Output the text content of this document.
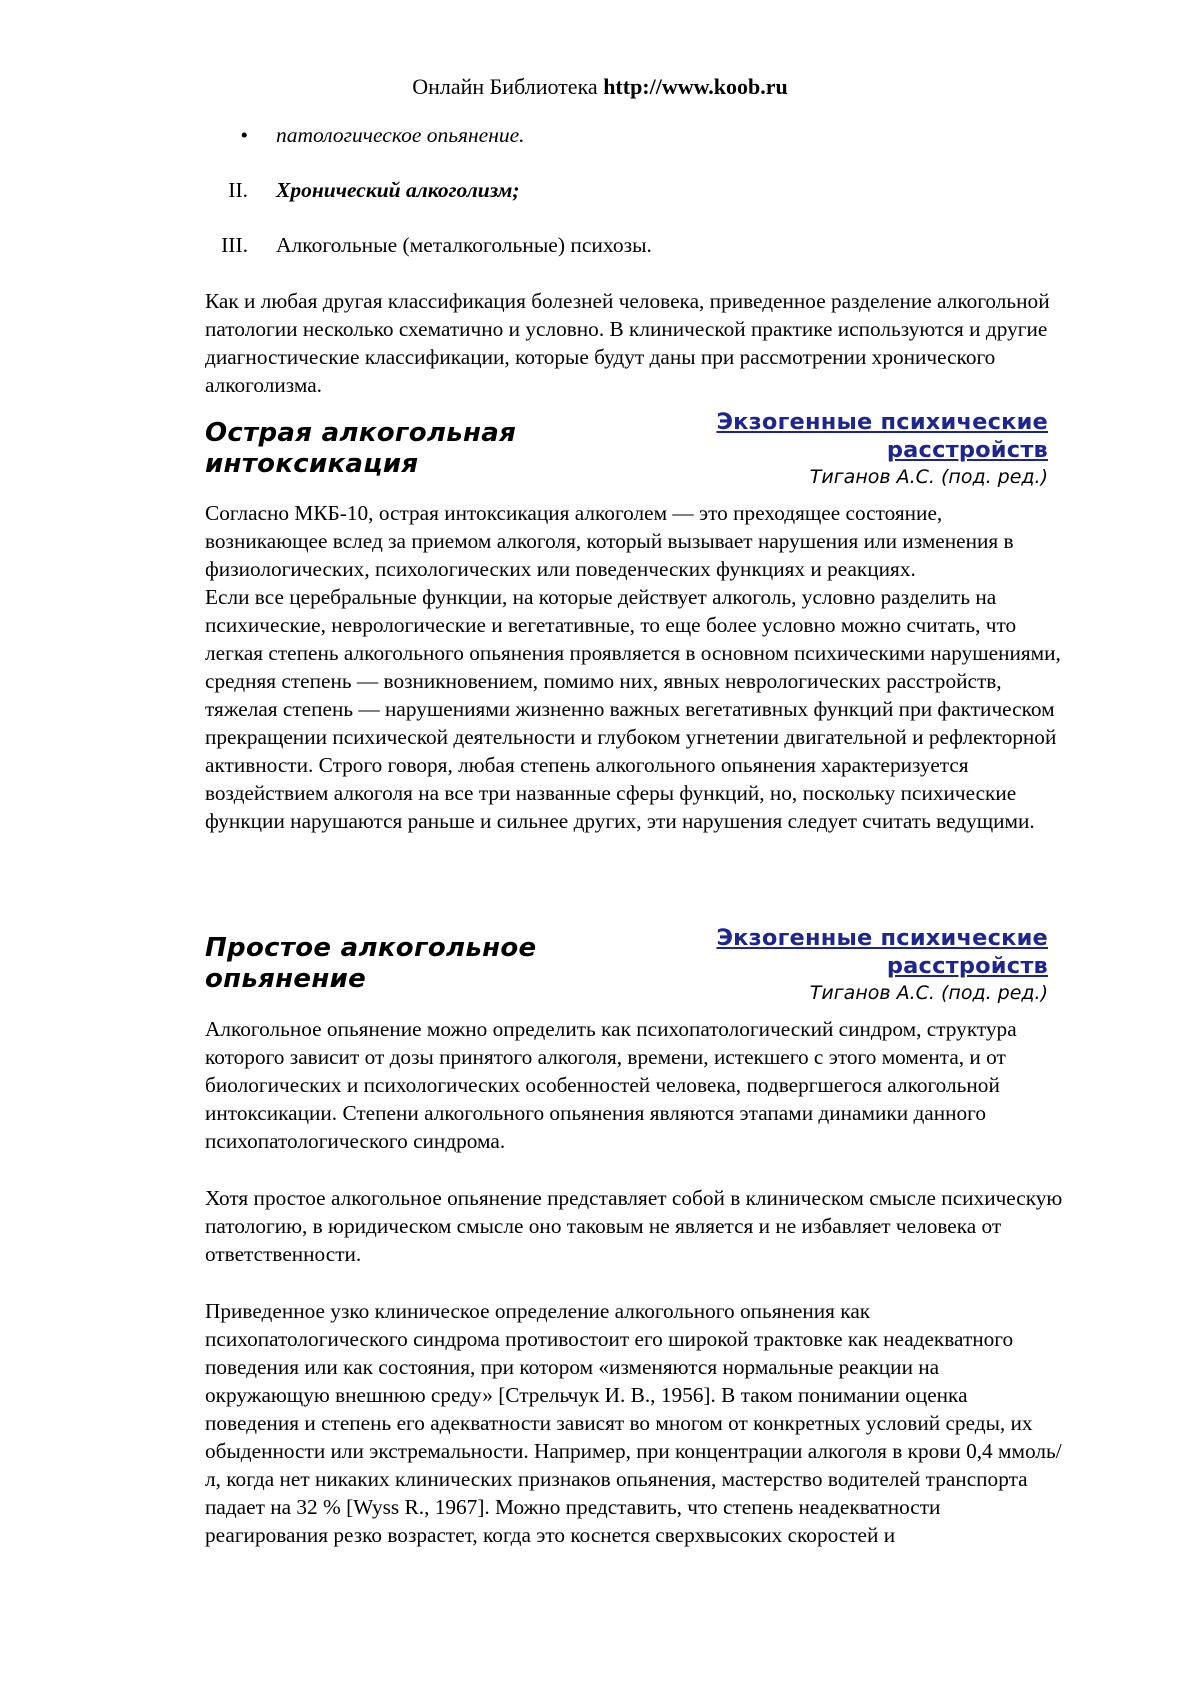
Онлайн Библиотека http://www.koob.ru
• патологическое опьянение.
II. Хронический алкоголизм;
III. Алкогольные (металкогольные) психозы.

Как и любая другая классификация болезней человека, приведенное разделение алкогольной патологии несколько схематично и условно. В клинической практике используются и другие диагностические классификации, которые будут даны при рассмотрении хронического алкоголизма.

Острая алкогольная интоксикация
Экзогенные психические расстройств
Тиганов А.С. (под. ред.)

Согласно МКБ-10, острая интоксикация алкоголем — это преходящее состояние, возникающее вслед за приемом алкоголя, который вызывает нарушения или изменения в физиологических, психологических или поведенческих функциях и реакциях.

Если все церебральные функции, на которые действует алкоголь, условно разделить на психические, неврологические и вегетативные, то еще более условно можно считать, что легкая степень алкогольного опьянения проявляется в основном психическими нарушениями, средняя степень — возникновением, помимо них, явных неврологических расстройств, тяжелая степень — нарушениями жизненно важных вегетативных функций при фактическом прекращении психической деятельности и глубоком угнетении двигательной и рефлекторной активности. Строго говоря, любая степень алкогольного опьянения характеризуется воздействием алкоголя на все три названные сферы функций, но, поскольку психические функции нарушаются раньше и сильнее других, эти нарушения следует считать ведущими.

Простое алкогольное опьянение
Экзогенные психические расстройств
Тиганов А.С. (под. ред.)

Алкогольное опьянение можно определить как психопатологический синдром, структура которого зависит от дозы принятого алкоголя, времени, истекшего с этого момента, и от биологических и психологических особенностей человека, подвергшегося алкогольной интоксикации. Степени алкогольного опьянения являются этапами динамики данного психопатологического синдрома.

Хотя простое алкогольное опьянение представляет собой в клиническом смысле психическую патологию, в юридическом смысле оно таковым не является и не избавляет человека от ответственности.

Приведенное узко клиническое определение алкогольного опьянения как психопатологического синдрома противостоит его широкой трактовке как неадекватного поведения или как состояния, при котором «изменяются нормальные реакции на окружающую внешнюю среду» [Стрельчук И. В., 1956]. В таком понимании оценка поведения и степень его адекватности зависят во многом от конкретных условий среды, их обыденности или экстремальности. Например, при концентрации алкоголя в крови 0,4 ммоль/л, когда нет никаких клинических признаков опьянения, мастерство водителей транспорта падает на 32 % [Wyss R., 1967]. Можно представить, что степень неадекватности реагирования резко возрастет, когда это коснется сверхвысоких скоростей и
